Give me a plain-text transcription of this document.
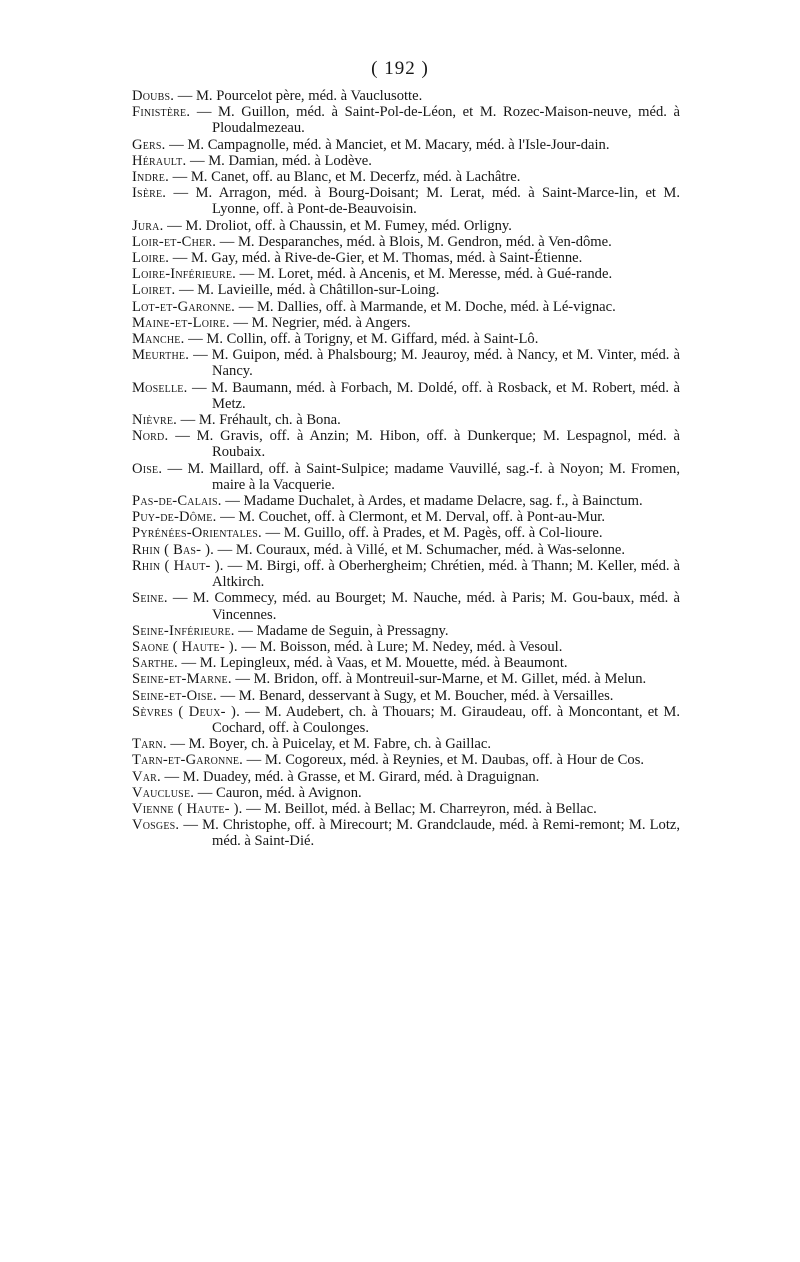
( 192 )
Doubs. — M. Pourcelot père, méd. à Vauclusotte.
Finistère. — M. Guillon, méd. à Saint-Pol-de-Léon, et M. Rozec-Maison-neuve, méd. à Ploudalmezeau.
Gers. — M. Campagnolle, méd. à Manciet, et M. Macary, méd. à l'Isle-Jour-dain.
Hérault. — M. Damian, méd. à Lodève.
Indre. — M. Canet, off. au Blanc, et M. Decerfz, méd. à Lachâtre.
Isère. — M. Arragon, méd. à Bourg-Doisant; M. Lerat, méd. à Saint-Marce-lin, et M. Lyonne, off. à Pont-de-Beauvoisin.
Jura. — M. Droliot, off. à Chaussin, et M. Fumey, méd. Orligny.
Loir-et-Cher. — M. Desparanches, méd. à Blois, M. Gendron, méd. à Ven-dôme.
Loire. — M. Gay, méd. à Rive-de-Gier, et M. Thomas, méd. à Saint-Étienne.
Loire-Inférieure. — M. Loret, méd. à Ancenis, et M. Meresse, méd. à Gué-rande.
Loiret. — M. Lavieille, méd. à Châtillon-sur-Loing.
Lot-et-Garonne. — M. Dallies, off. à Marmande, et M. Doche, méd. à Lé-vignac.
Maine-et-Loire. — M. Negrier, méd. à Angers.
Manche. — M. Collin, off. à Torigny, et M. Giffard, méd. à Saint-Lô.
Meurthe. — M. Guipon, méd. à Phalsbourg; M. Jeauroy, méd. à Nancy, et M. Vinter, méd. à Nancy.
Moselle. — M. Baumann, méd. à Forbach, M. Doldé, off. à Rosback, et M. Robert, méd. à Metz.
Nièvre. — M. Fréhault, ch. à Bona.
Nord. — M. Gravis, off. à Anzin; M. Hibon, off. à Dunkerque; M. Lespagnol, méd. à Roubaix.
Oise. — M. Maillard, off. à Saint-Sulpice; madame Vauvillé, sag.-f. à Noyon; M. Fromen, maire à la Vacquerie.
Pas-de-Calais. — Madame Duchalet, à Ardes, et madame Delacre, sag. f., à Bainctum.
Puy-de-Dôme. — M. Couchet, off. à Clermont, et M. Derval, off. à Pont-au-Mur.
Pyrénées-Orientales. — M. Guillo, off. à Prades, et M. Pagès, off. à Col-lioure.
Rhin ( Bas- ). — M. Couraux, méd. à Villé, et M. Schumacher, méd. à Was-selonne.
Rhin ( Haut- ). — M. Birgi, off. à Oberhergheim; Chrétien, méd. à Thann; M. Keller, méd. à Altkirch.
Seine. — M. Commecy, méd. au Bourget; M. Nauche, méd. à Paris; M. Gou-baux, méd. à Vincennes.
Seine-Inférieure. — Madame de Seguin, à Pressagny.
Saone ( Haute- ). — M. Boisson, méd. à Lure; M. Nedey, méd. à Vesoul.
Sarthe. — M. Lepingleux, méd. à Vaas, et M. Mouette, méd. à Beaumont.
Seine-et-Marne. — M. Bridon, off. à Montreuil-sur-Marne, et M. Gillet, méd. à Melun.
Seine-et-Oise. — M. Benard, desservant à Sugy, et M. Boucher, méd. à Versailles.
Sèvres ( Deux- ). — M. Audebert, ch. à Thouars; M. Giraudeau, off. à Moncontant, et M. Cochard, off. à Coulonges.
Tarn. — M. Boyer, ch. à Puicelay, et M. Fabre, ch. à Gaillac.
Tarn-et-Garonne. — M. Cogoreux, méd. à Reynies, et M. Daubas, off. à Hour de Cos.
Var. — M. Duadey, méd. à Grasse, et M. Girard, méd. à Draguignan.
Vaucluse. — Cauron, méd. à Avignon.
Vienne ( Haute- ). — M. Beillot, méd. à Bellac; M. Charreyron, méd. à Bellac.
Vosges. — M. Christophe, off. à Mirecourt; M. Grandclaude, méd. à Remi-remont; M. Lotz, méd. à Saint-Dié.
